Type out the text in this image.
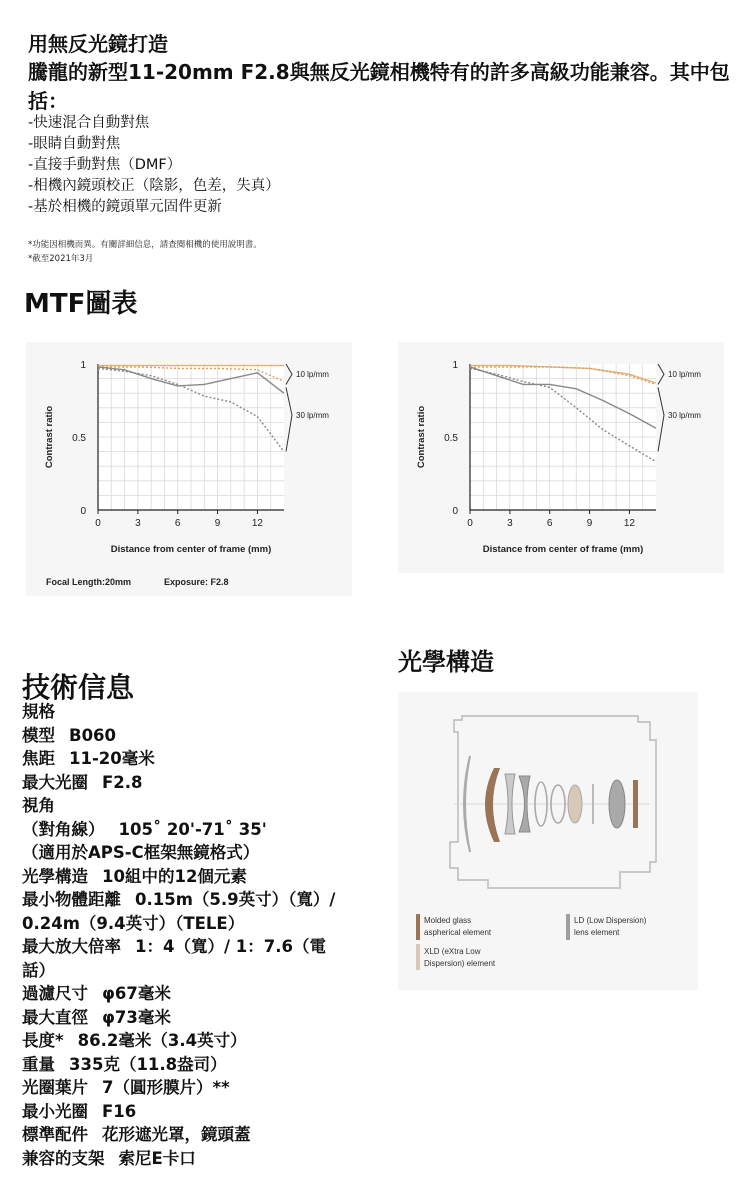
用無反光鏡打造
騰龍的新型11-20mm F2.8與無反光鏡相機特有的許多高級功能兼容。其中包括：
-快速混合自動對焦
-眼睛自動對焦
-直接手動對焦（DMF）
-相機內鏡頭校正（陰影，色差，失真）
-基於相機的鏡頭單元固件更新
*功能因相機而異。有關詳細信息，請查閱相機的使用說明書。
*截至2021年3月
MTF圖表
0	3	6	9	12
0
0.5
1
Distance from center of frame (mm)
Contrast ratio
10 lp/mm
30 lp/mm
Focal Length:20mm	Exposure: F2.8
0	3	6	9	12
0
0.5
1
Distance from center of frame (mm)
Contrast ratio
10 lp/mm
30 lp/mm
光學構造
Molded glass
aspherical element
LD (Low Dispersion)
lens element
XLD (eXtra Low
Dispersion) element
技術信息
規格
模型 B060
焦距 11-20毫米
最大光圈 F2.8
視角
（對角線） 105˚ 20'-71˚ 35'
（適用於APS-C框架無鏡格式）
光學構造 10組中的12個元素
最小物體距離 0.15m（5.9英寸）（寬）/
0.24m（9.4英寸）（TELE）
最大放大倍率 1：4（寬）/ 1：7.6（電
話）
過濾尺寸 φ67毫米
最大直徑 φ73毫米
長度* 86.2毫米（3.4英寸）
重量 335克（11.8盎司）
光圈葉片 7（圓形膜片）**
最小光圈 F16
標準配件 花形遮光罩，鏡頭蓋
兼容的支架 索尼E卡口
